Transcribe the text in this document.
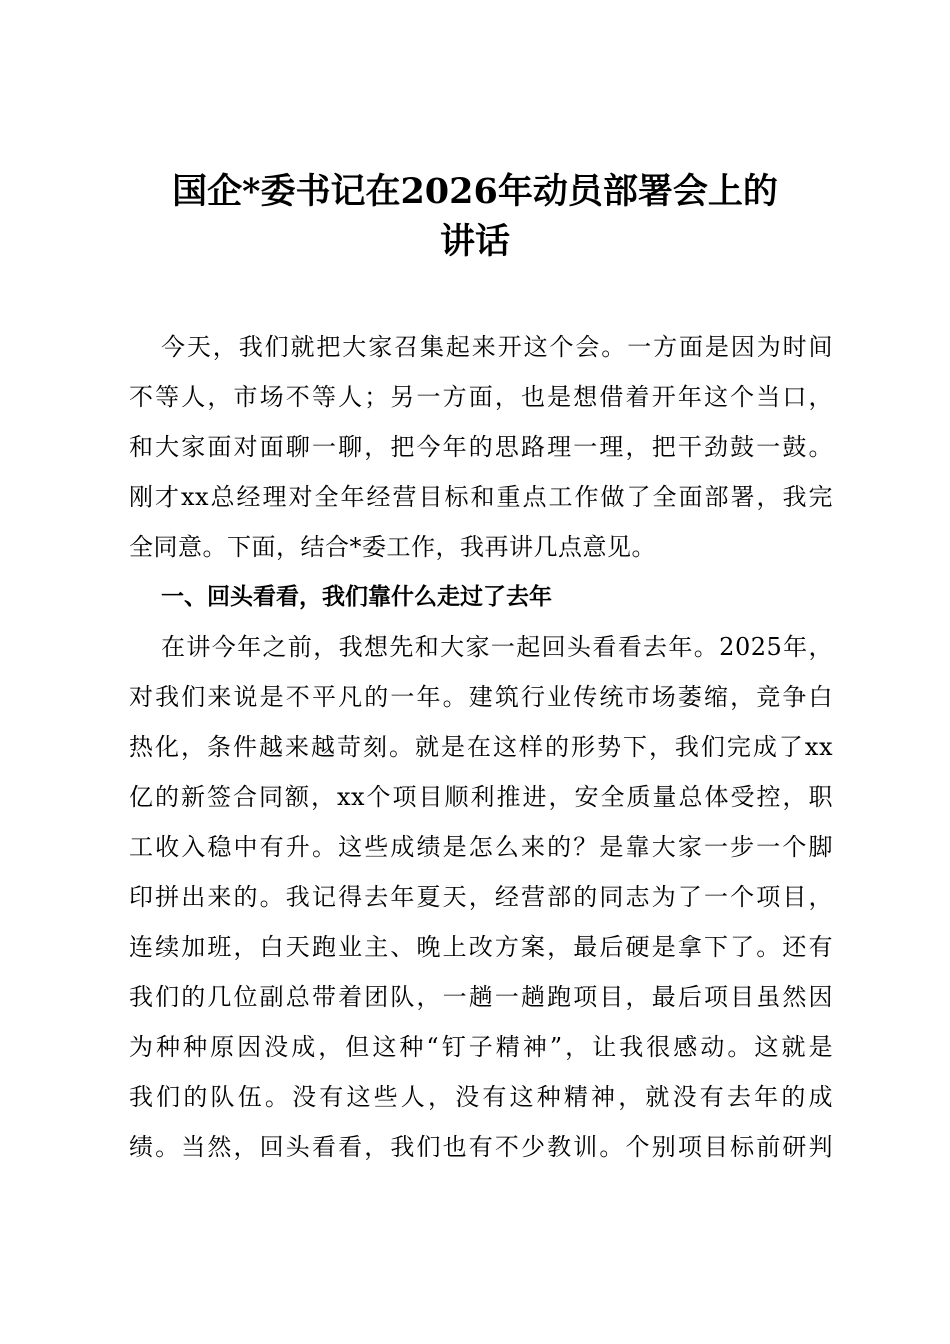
国企*委书记在2026年动员部署会上的
讲话
今天，我们就把大家召集起来开这个会。一方面是因为时间
不等人，市场不等人；另一方面，也是想借着开年这个当口，
和大家面对面聊一聊，把今年的思路理一理，把干劲鼓一鼓。
刚才xx总经理对全年经营目标和重点工作做了全面部署，我完
全同意。下面，结合*委工作，我再讲几点意见。
一、回头看看，我们靠什么走过了去年
在讲今年之前，我想先和大家一起回头看看去年。2025年，
对我们来说是不平凡的一年。建筑行业传统市场萎缩，竞争白
热化，条件越来越苛刻。就是在这样的形势下，我们完成了xx
亿的新签合同额，xx个项目顺利推进，安全质量总体受控，职
工收入稳中有升。这些成绩是怎么来的？是靠大家一步一个脚
印拼出来的。我记得去年夏天，经营部的同志为了一个项目，
连续加班，白天跑业主、晚上改方案，最后硬是拿下了。还有
我们的几位副总带着团队，一趟一趟跑项目，最后项目虽然因
为种种原因没成，但这种“钉子精神”，让我很感动。这就是
我们的队伍。没有这些人，没有这种精神，就没有去年的成
绩。当然，回头看看，我们也有不少教训。个别项目标前研判
